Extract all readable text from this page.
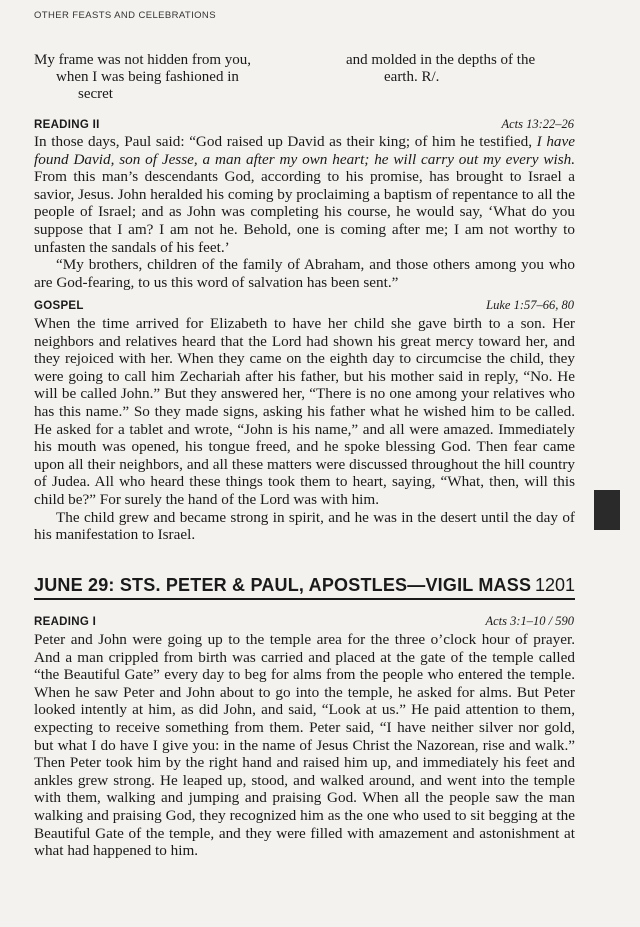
OTHER FEASTS AND CELEBRATIONS
My frame was not hidden from you,
when I was being fashioned in
secret
and molded in the depths of the
earth. R/.
READING II	Acts 13:22–26

In those days, Paul said: “God raised up David as their king; of him he testified, I have found David, son of Jesse, a man after my own heart; he will carry out my every wish. From this man’s descendants God, according to his promise, has brought to Israel a savior, Jesus. John heralded his coming by proclaiming a baptism of repentance to all the people of Israel; and as John was completing his course, he would say, ‘What do you suppose that I am? I am not he. Behold, one is coming after me; I am not worthy to unfasten the sandals of his feet.’

“My brothers, children of the family of Abraham, and those others among you who are God-fearing, to us this word of salvation has been sent.”

GOSPEL	Luke 1:57–66, 80

When the time arrived for Elizabeth to have her child she gave birth to a son. Her neighbors and relatives heard that the Lord had shown his great mercy toward her, and they rejoiced with her. When they came on the eighth day to circumcise the child, they were going to call him Zechariah after his father, but his mother said in reply, “No. He will be called John.” But they answered her, “There is no one among your relatives who has this name.” So they made signs, asking his father what he wished him to be called. He asked for a tablet and wrote, “John is his name,” and all were amazed. Immediately his mouth was opened, his tongue freed, and he spoke blessing God. Then fear came upon all their neighbors, and all these matters were discussed throughout the hill country of Judea. All who heard these things took them to heart, saying, “What, then, will this child be?” For surely the hand of the Lord was with him.

The child grew and became strong in spirit, and he was in the desert until the day of his manifestation to Israel.

JUNE 29: STS. PETER & PAUL, APOSTLES—VIGIL MASS 1201
READING I	Acts 3:1–10 / 590

Peter and John were going up to the temple area for the three o’clock hour of prayer. And a man crippled from birth was carried and placed at the gate of the temple called “the Beautiful Gate” every day to beg for alms from the people who entered the temple. When he saw Peter and John about to go into the temple, he asked for alms. But Peter looked intently at him, as did John, and said, “Look at us.” He paid attention to them, expecting to receive something from them. Peter said, “I have neither silver nor gold, but what I do have I give you: in the name of Jesus Christ the Nazorean, rise and walk.” Then Peter took him by the right hand and raised him up, and immediately his feet and ankles grew strong. He leaped up, stood, and walked around, and went into the temple with them, walking and jumping and praising God. When all the people saw the man walking and praising God, they recognized him as the one who used to sit begging at the Beautiful Gate of the temple, and they were filled with amazement and astonishment at what had happened to him.
